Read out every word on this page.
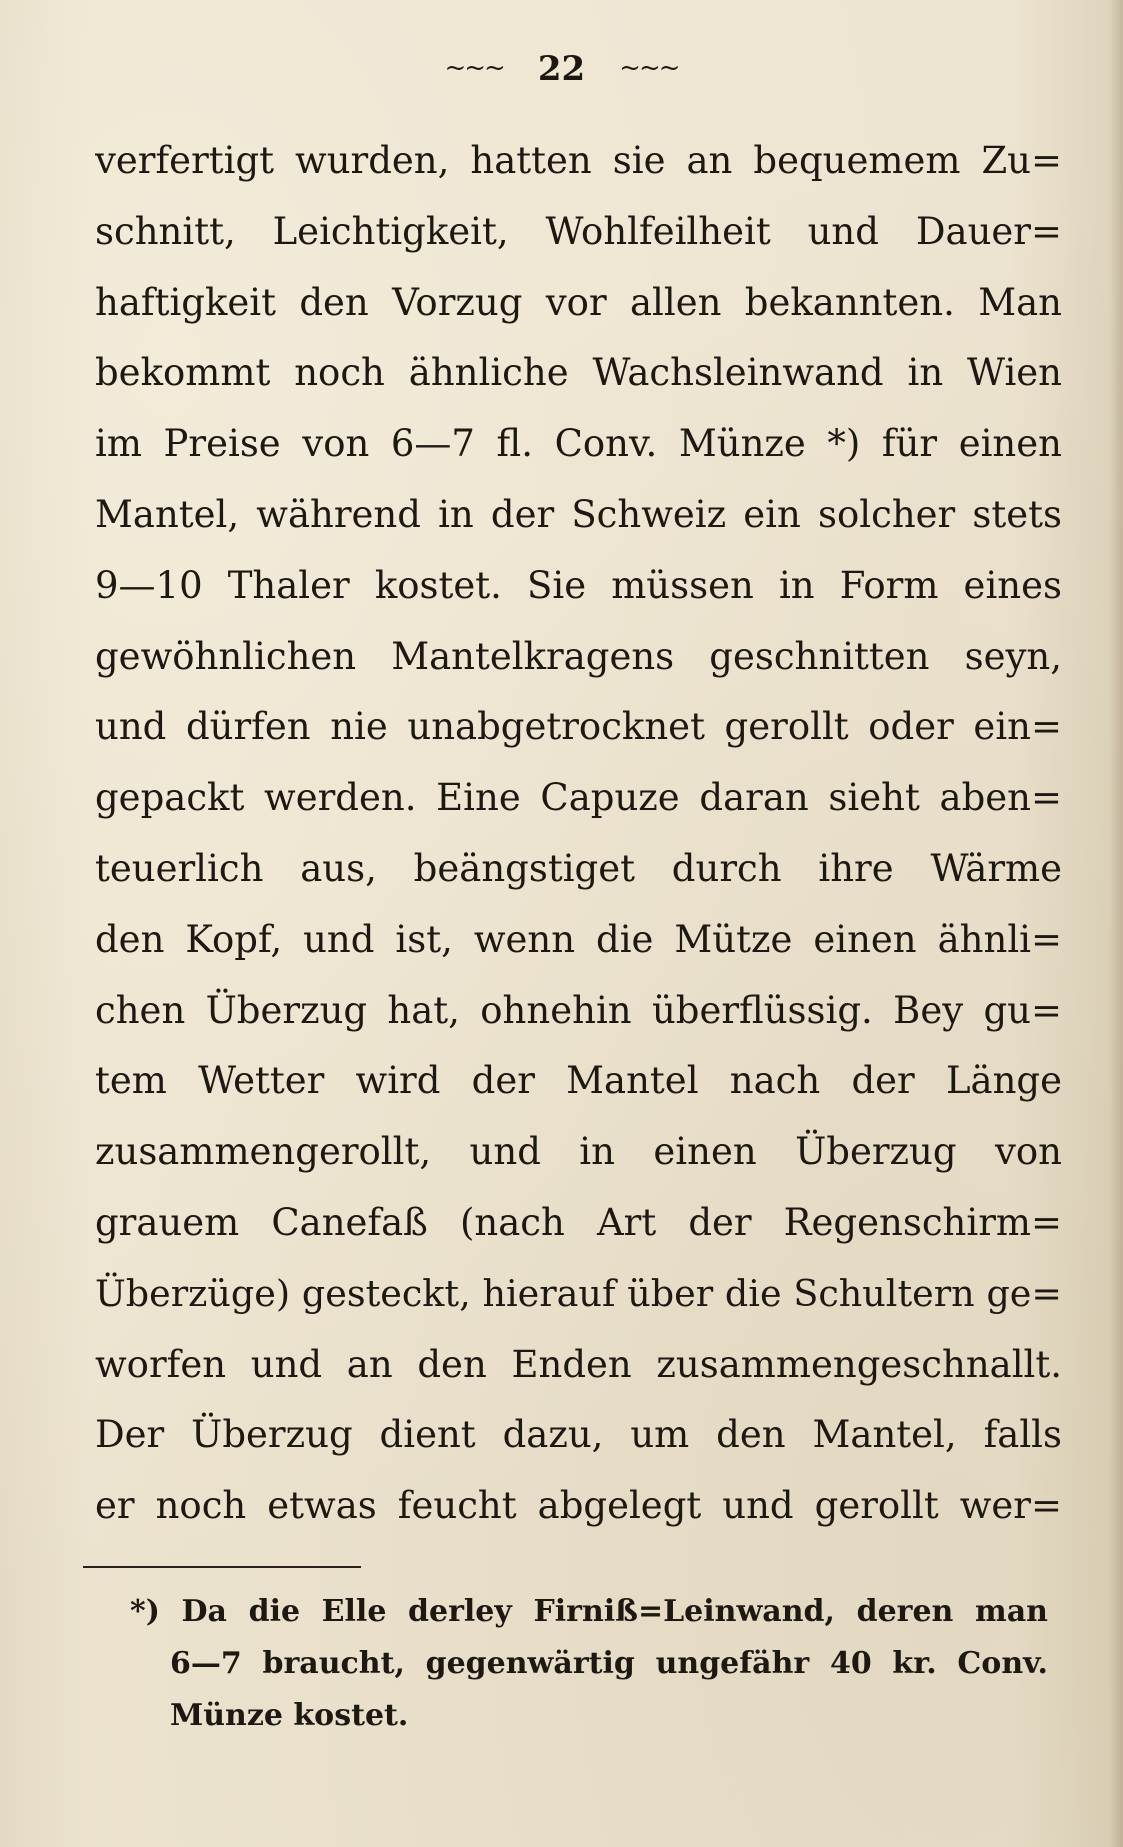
~~~ 22 ~~~
verfertigt wurden, hatten sie an bequemem Zu=
schnitt, Leichtigkeit, Wohlfeilheit und Dauer=
haftigkeit den Vorzug vor allen bekannten. Man
bekommt noch ähnliche Wachsleinwand in Wien
im Preise von 6—7 fl. Conv. Münze *) für einen
Mantel, während in der Schweiz ein solcher stets
9—10 Thaler kostet. Sie müssen in Form eines
gewöhnlichen Mantelkragens geschnitten seyn,
und dürfen nie unabgetrocknet gerollt oder ein=
gepackt werden. Eine Capuze daran sieht aben=
teuerlich aus, beängstiget durch ihre Wärme
den Kopf, und ist, wenn die Mütze einen ähnli=
chen Überzug hat, ohnehin überflüssig. Bey gu=
tem Wetter wird der Mantel nach der Länge
zusammengerollt, und in einen Überzug von
grauem Canefaß (nach Art der Regenschirm=
Überzüge) gesteckt, hierauf über die Schultern ge=
worfen und an den Enden zusammengeschnallt.
Der Überzug dient dazu, um den Mantel, falls
er noch etwas feucht abgelegt und gerollt wer=
*) Da die Elle derley Firniß=Leinwand, deren man
6—7 braucht, gegenwärtig ungefähr 40 kr. Conv.
Münze kostet.
